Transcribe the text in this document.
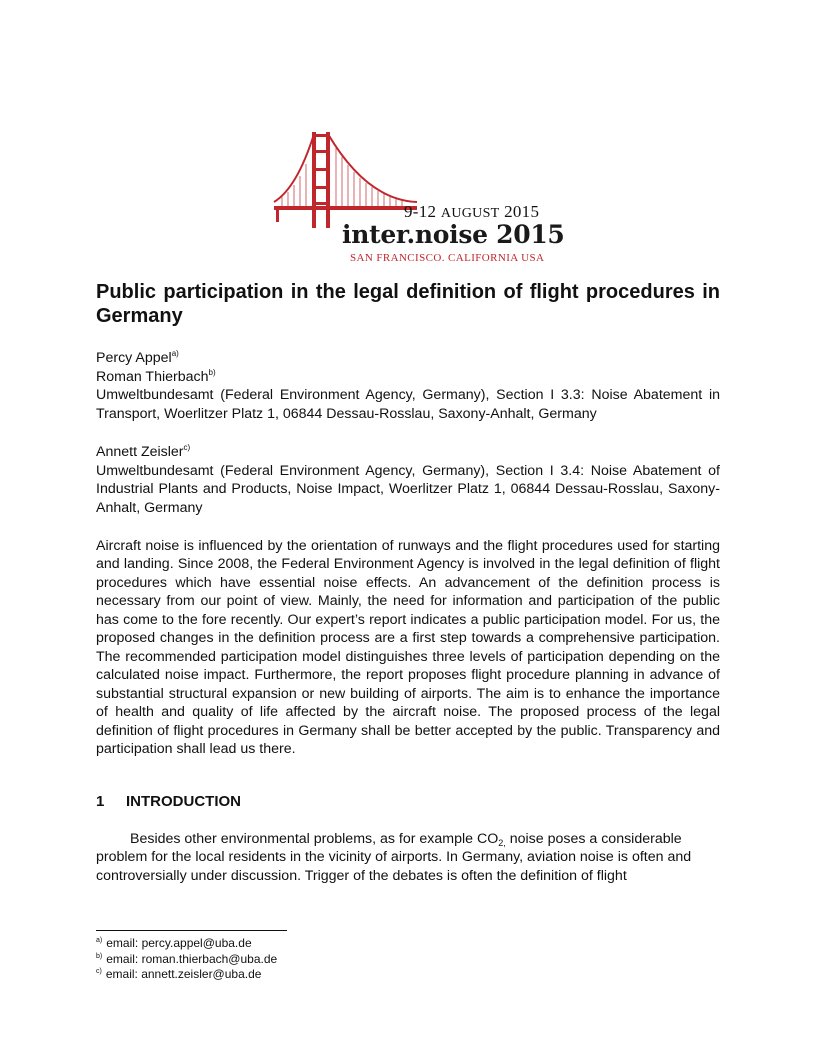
9-12 AUGUST 2015
inter.noise 2015
SAN FRANCISCO. CALIFORNIA USA
Public participation in the legal definition of flight procedures in Germany

Percy Appel$^{a)}$

Roman Thierbach$^{b)}$

Umweltbundesamt (Federal Environment Agency, Germany), Section I 3.3: Noise Abatement in Transport, Woerlitzer Platz 1, 06844 Dessau-Rosslau, Saxony-Anhalt, Germany

Annett Zeisler$^{c)}$

Umweltbundesamt (Federal Environment Agency, Germany), Section I 3.4: Noise Abatement of Industrial Plants and Products, Noise Impact, Woerlitzer Platz 1, 06844 Dessau-Rosslau, Saxony-Anhalt, Germany

Aircraft noise is influenced by the orientation of runways and the flight procedures used for starting and landing. Since 2008, the Federal Environment Agency is involved in the legal definition of flight procedures which have essential noise effects. An advancement of the definition process is necessary from our point of view. Mainly, the need for information and participation of the public has come to the fore recently. Our expert’s report indicates a public participation model. For us, the proposed changes in the definition process are a first step towards a comprehensive participation. The recommended participation model distinguishes three levels of participation depending on the calculated noise impact. Furthermore, the report proposes flight procedure planning in advance of substantial structural expansion or new building of airports. The aim is to enhance the importance of health and quality of life affected by the aircraft noise. The proposed process of the legal definition of flight procedures in Germany shall be better accepted by the public. Transparency and participation shall lead us there.

1 INTRODUCTION

Besides other environmental problems, as for example $CO_{2,}$ noise poses a considerable problem for the local residents in the vicinity of airports. In Germany, aviation noise is often and controversially under discussion. Trigger of the debates is often the definition of flight

$^{a)}$ email: percy.appel@uba.de
$^{b)}$ email: roman.thierbach@uba.de
$^{c)}$ email: annett.zeisler@uba.de
